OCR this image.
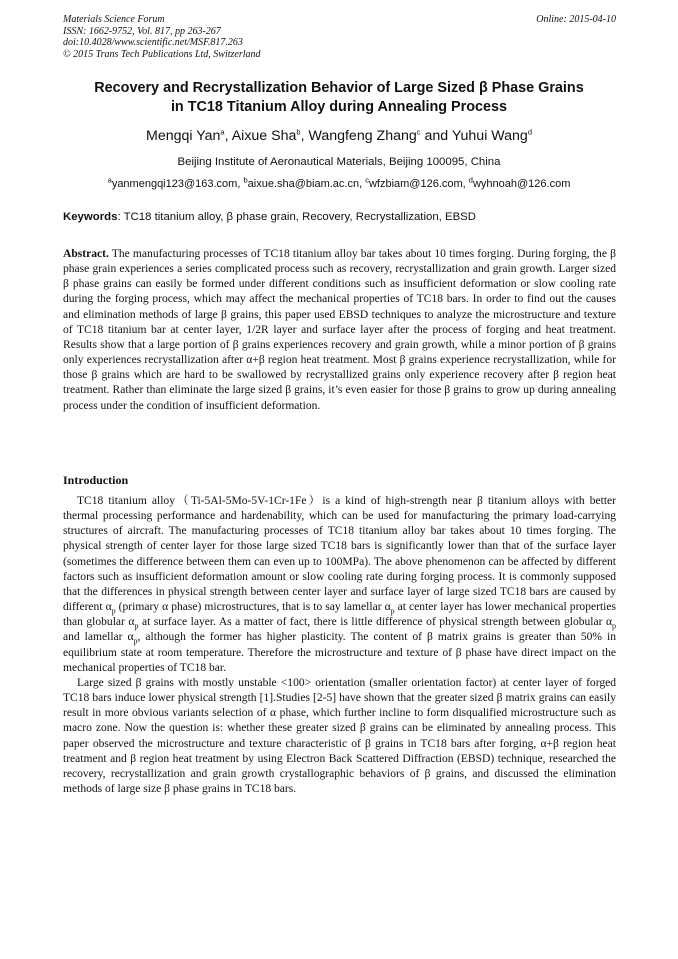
Materials Science Forum
ISSN: 1662-9752, Vol. 817, pp 263-267
doi:10.4028/www.scientific.net/MSF.817.263
© 2015 Trans Tech Publications Ltd, Switzerland
Online: 2015-04-10
Recovery and Recrystallization Behavior of Large Sized β Phase Grains
in TC18 Titanium Alloy during Annealing Process
Mengqi Yan$^a$, Aixue Sha$^b$, Wangfeng Zhang$^c$ and Yuhui Wang$^d$
Beijing Institute of Aeronautical Materials, Beijing 100095, China
$^a$yanmengqi123@163.com, $^b$aixue.sha@biam.ac.cn, $^c$wfzbiam@126.com, $^d$wyhnoah@126.com
Keywords: TC18 titanium alloy, β phase grain, Recovery, Recrystallization, EBSD
Abstract. The manufacturing processes of TC18 titanium alloy bar takes about 10 times forging. During forging, the β phase grain experiences a series complicated process such as recovery, recrystallization and grain growth. Larger sized β phase grains can easily be formed under different conditions such as insufficient deformation or slow cooling rate during the forging process, which may affect the mechanical properties of TC18 bars. In order to find out the causes and elimination methods of large β grains, this paper used EBSD techniques to analyze the microstructure and texture of TC18 titanium bar at center layer, 1/2R layer and surface layer after the process of forging and heat treatment. Results show that a large portion of β grains experiences recovery and grain growth, while a minor portion of β grains only experiences recrystallization after α+β region heat treatment. Most β grains experience recrystallization, while for those β grains which are hard to be swallowed by recrystallized grains only experience recovery after β region heat treatment. Rather than eliminate the large sized β grains, it’s even easier for those β grains to grow up during annealing process under the condition of insufficient deformation.
Introduction

TC18 titanium alloy（Ti-5Al-5Mo-5V-1Cr-1Fe）is a kind of high-strength near β titanium alloys with better thermal processing performance and hardenability, which can be used for manufacturing the primary load-carrying structures of aircraft. The manufacturing processes of TC18 titanium alloy bar takes about 10 times forging. The physical strength of center layer for those large sized TC18 bars is significantly lower than that of the surface layer (sometimes the difference between them can even up to 100MPa). The above phenomenon can be affected by different factors such as insufficient deformation amount or slow cooling rate during forging process. It is commonly supposed that the differences in physical strength between center layer and surface layer of large sized TC18 bars are caused by different $\alpha_p$ (primary α phase) microstructures, that is to say lamellar $\alpha_p$ at center layer has lower mechanical properties than globular $\alpha_p$ at surface layer. As a matter of fact, there is little difference of physical strength between globular $\alpha_p$ and lamellar $\alpha_p$, although the former has higher plasticity. The content of β matrix grains is greater than 50% in equilibrium state at room temperature. Therefore the microstructure and texture of β phase have direct impact on the mechanical properties of TC18 bar.

Large sized β grains with mostly unstable <100> orientation (smaller orientation factor) at center layer of forged TC18 bars induce lower physical strength [1].Studies [2-5] have shown that the greater sized β matrix grains can easily result in more obvious variants selection of α phase, which further incline to form disqualified microstructure such as macro zone. Now the question is: whether these greater sized β grains can be eliminated by annealing process. This paper observed the microstructure and texture characteristic of β grains in TC18 bars after forging, α+β region heat treatment and β region heat treatment by using Electron Back Scattered Diffraction (EBSD) technique, researched the recovery, recrystallization and grain growth crystallographic behaviors of β grains, and discussed the elimination methods of large size β phase grains in TC18 bars.
